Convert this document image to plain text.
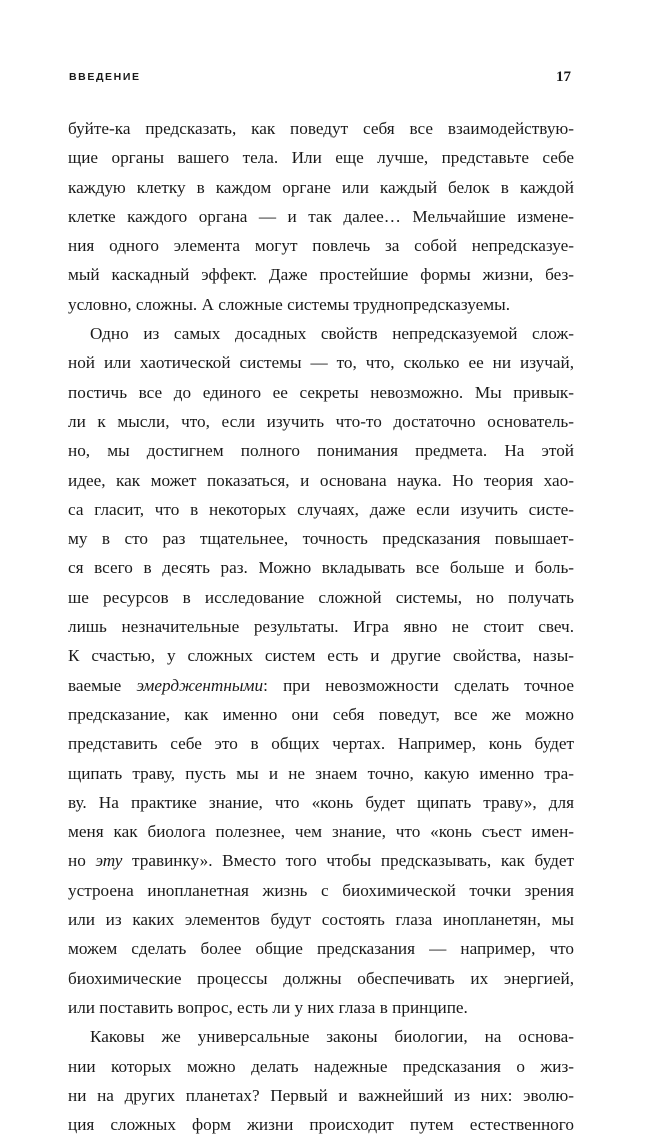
ВВЕДЕНИЕ	17
буйте-ка предсказать, как поведут себя все взаимодействую-
щие органы вашего тела. Или еще лучше, представьте себе
каждую клетку в каждом органе или каждый белок в каждой
клетке каждого органа — и так далее… Мельчайшие измене-
ния одного элемента могут повлечь за собой непредсказуе-
мый каскадный эффект. Даже простейшие формы жизни, без-
условно, сложны. А сложные системы труднопредсказуемы.
Одно из самых досадных свойств непредсказуемой слож-
ной или хаотической системы — то, что, сколько ее ни изучай,
постичь все до единого ее секреты невозможно. Мы привык-
ли к мысли, что, если изучить что-то достаточно основатель-
но, мы достигнем полного понимания предмета. На этой
идее, как может показаться, и основана наука. Но теория хао-
са гласит, что в некоторых случаях, даже если изучить систе-
му в сто раз тщательнее, точность предсказания повышает-
ся всего в десять раз. Можно вкладывать все больше и боль-
ше ресурсов в исследование сложной системы, но получать
лишь незначительные результаты. Игра явно не стоит свеч.
К счастью, у сложных систем есть и другие свойства, назы-
ваемые эмерджентными: при невозможности сделать точное
предсказание, как именно они себя поведут, все же можно
представить себе это в общих чертах. Например, конь будет
щипать траву, пусть мы и не знаем точно, какую именно тра-
ву. На практике знание, что «конь будет щипать траву», для
меня как биолога полезнее, чем знание, что «конь съест имен-
но эту травинку». Вместо того чтобы предсказывать, как будет
устроена инопланетная жизнь с биохимической точки зрения
или из каких элементов будут состоять глаза инопланетян, мы
можем сделать более общие предсказания — например, что
биохимические процессы должны обеспечивать их энергией,
или поставить вопрос, есть ли у них глаза в принципе.
Каковы же универсальные законы биологии, на основа-
нии которых можно делать надежные предсказания о жиз-
ни на других планетах? Первый и важнейший из них: эволю-
ция сложных форм жизни происходит путем естественного
